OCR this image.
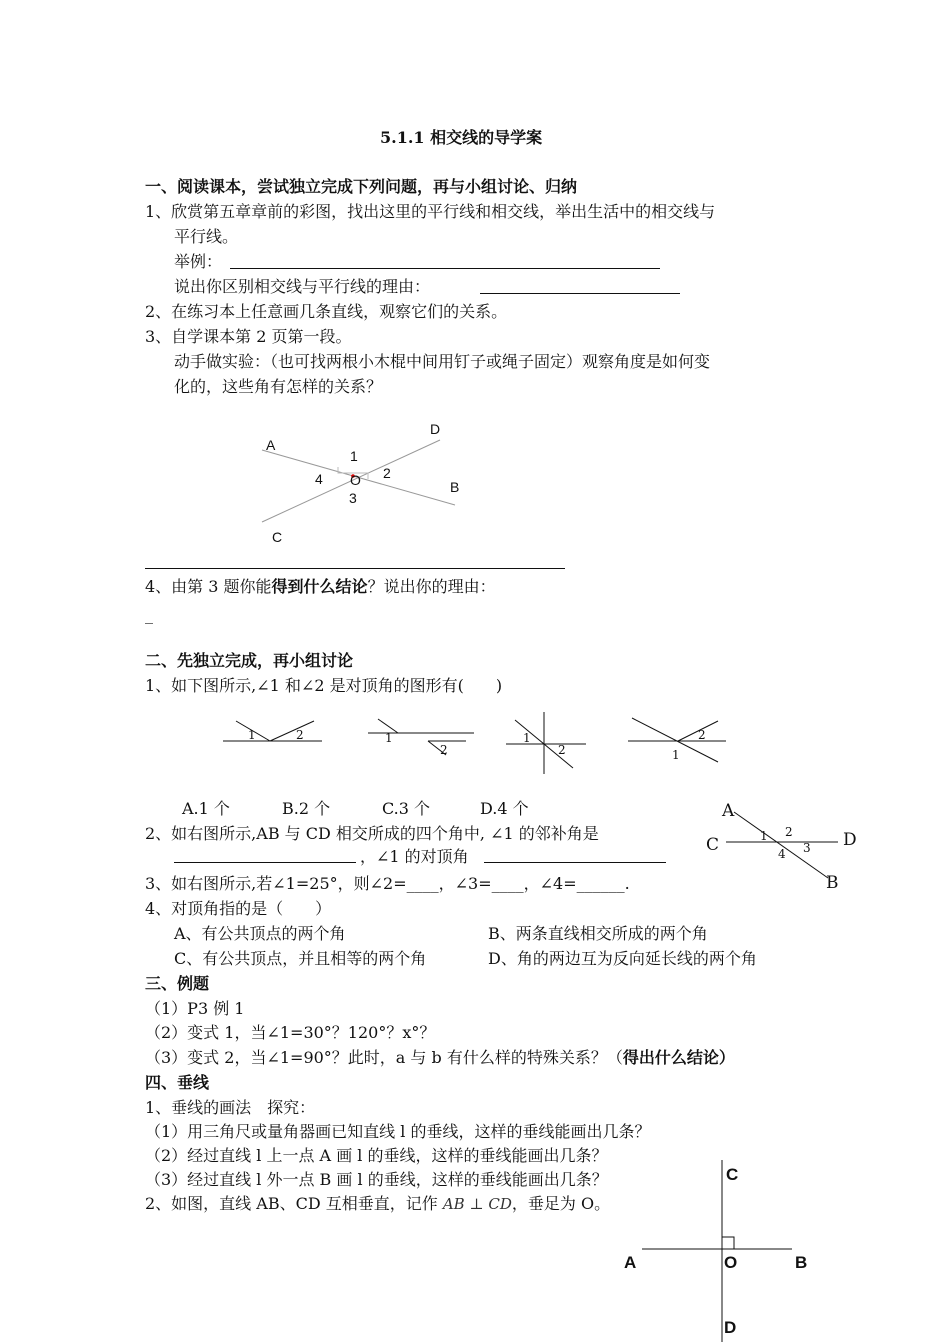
5.1.1 相交线的导学案
一、阅读课本，尝试独立完成下列问题，再与小组讨论、归纳
1、欣赏第五章章前的彩图，找出这里的平行线和相交线，举出生活中的相交线与
平行线。
举例：
说出你区别相交线与平行线的理由：
2、在练习本上任意画几条直线，观察它们的关系。
3、自学课本第 2 页第一段。
动手做实验：（也可找两根小木棍中间用钉子或绳子固定）观察角度是如何变
化的，这些角有怎样的关系？
A
D
B
C
O
1
2
3
4
4、由第 3 题你能得到什么结论？说出你的理由：
_
二、先独立完成，再小组讨论
1、如下图所示,∠1 和∠2 是对顶角的图形有(　　)
1	2	1
2
1
2
2
1
A.1 个	B.2 个	C.3 个	D.4 个
2、如右图所示,AB 与 CD 相交所成的四个角中, ∠1 的邻补角是
，∠1 的对顶角
3、如右图所示,若∠1=25°，则∠2=____，∠3=____，∠4=______.
4、对顶角指的是（　　）
A、有公共顶点的两个角	B、两条直线相交所成的两个角
C、有公共顶点，并且相等的两个角	D、角的两边互为反向延长线的两个角
A
C	D
B
1 2
3
4
三、例题
（1）P3 例 1
（2）变式 1，当∠1=30°？120°？x°？
（3）变式 2，当∠1=90°？此时，a 与 b 有什么样的特殊关系？（得出什么结论）
四、垂线
1、垂线的画法　探究：
（1）用三角尺或量角器画已知直线 l 的垂线，这样的垂线能画出几条？
（2）经过直线 l 上一点 A 画 l 的垂线，这样的垂线能画出几条？
（3）经过直线 l 外一点 B 画 l 的垂线，这样的垂线能画出几条？
2、如图，直线 AB、CD 互相垂直，记作 AB ⊥ CD，垂足为 O。
C
A	O	B
D
